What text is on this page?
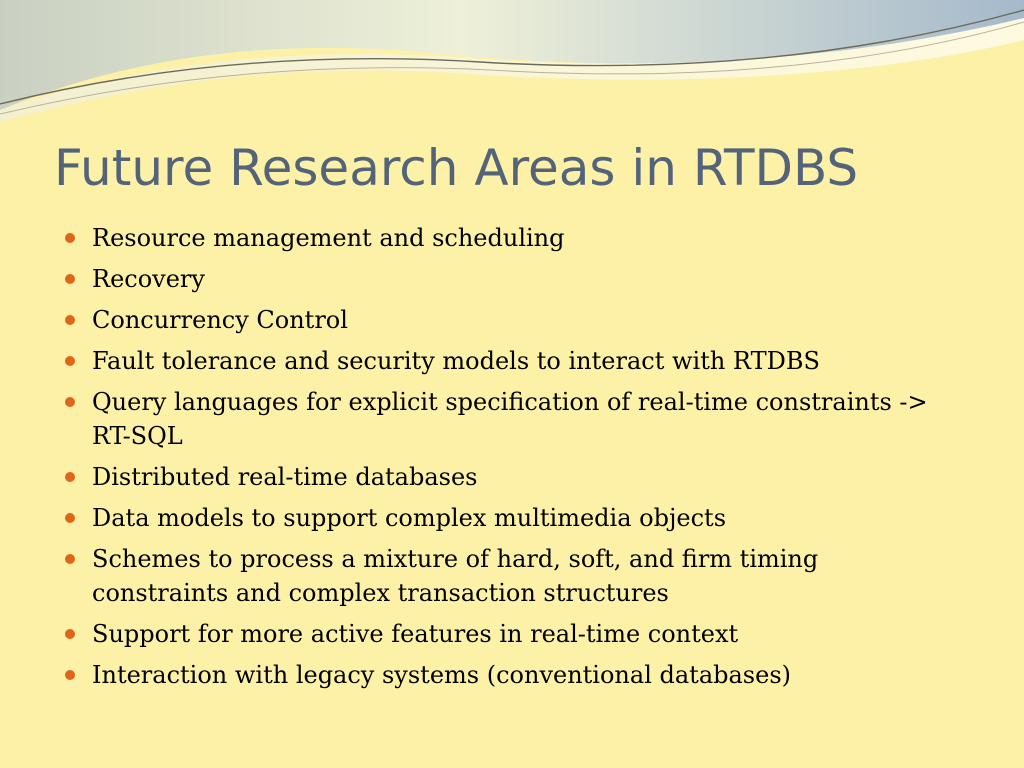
Future Research Areas in RTDBS
Resource management and scheduling
Recovery
Concurrency Control
Fault tolerance and security models to interact with RTDBS
Query languages for explicit specification of real-time constraints -> RT-SQL
Distributed real-time databases
Data models to support complex multimedia objects
Schemes to process a mixture of hard, soft, and firm timing constraints and complex transaction structures
Support for more active features in real-time context
Interaction with legacy systems (conventional databases)
